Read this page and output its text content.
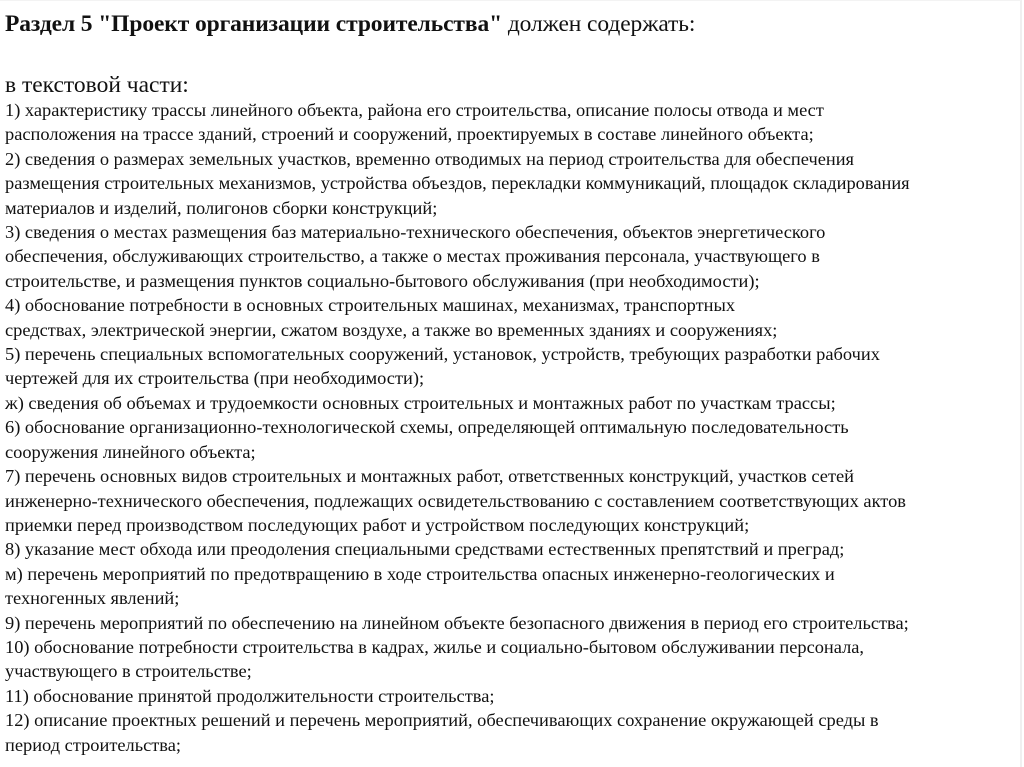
Раздел 5 "Проект организации строительства" должен содержать:
в текстовой части:
1) характеристику трассы линейного объекта, района его строительства, описание полосы отвода и мест
расположения на трассе зданий, строений и сооружений, проектируемых в составе линейного объекта;
2) сведения о размерах земельных участков, временно отводимых на период строительства для обеспечения
размещения строительных механизмов, устройства объездов, перекладки коммуникаций, площадок складирования
материалов и изделий, полигонов сборки конструкций;
3) сведения о местах размещения баз материально-технического обеспечения, объектов энергетического
обеспечения, обслуживающих строительство, а также о местах проживания персонала, участвующего в
строительстве, и размещения пунктов социально-бытового обслуживания (при необходимости);
4) обоснование потребности в основных строительных машинах, механизмах, транспортных
средствах, электрической энергии, сжатом воздухе, а также во временных зданиях и сооружениях;
5) перечень специальных вспомогательных сооружений, установок, устройств, требующих разработки рабочих
чертежей для их строительства (при необходимости);
ж) сведения об объемах и трудоемкости основных строительных и монтажных работ по участкам трассы;
6) обоснование организационно-технологической схемы, определяющей оптимальную последовательность
сооружения линейного объекта;
7) перечень основных видов строительных и монтажных работ, ответственных конструкций, участков сетей
инженерно-технического обеспечения, подлежащих освидетельствованию с составлением соответствующих актов
приемки перед производством последующих работ и устройством последующих конструкций;
8) указание мест обхода или преодоления специальными средствами естественных препятствий и преград;
м) перечень мероприятий по предотвращению в ходе строительства опасных инженерно-геологических и
техногенных явлений;
9) перечень мероприятий по обеспечению на линейном объекте безопасного движения в период его строительства;
10) обоснование потребности строительства в кадрах, жилье и социально-бытовом обслуживании персонала,
участвующего в строительстве;
11) обоснование принятой продолжительности строительства;
12) описание проектных решений и перечень мероприятий, обеспечивающих сохранение окружающей среды в
период строительства;
